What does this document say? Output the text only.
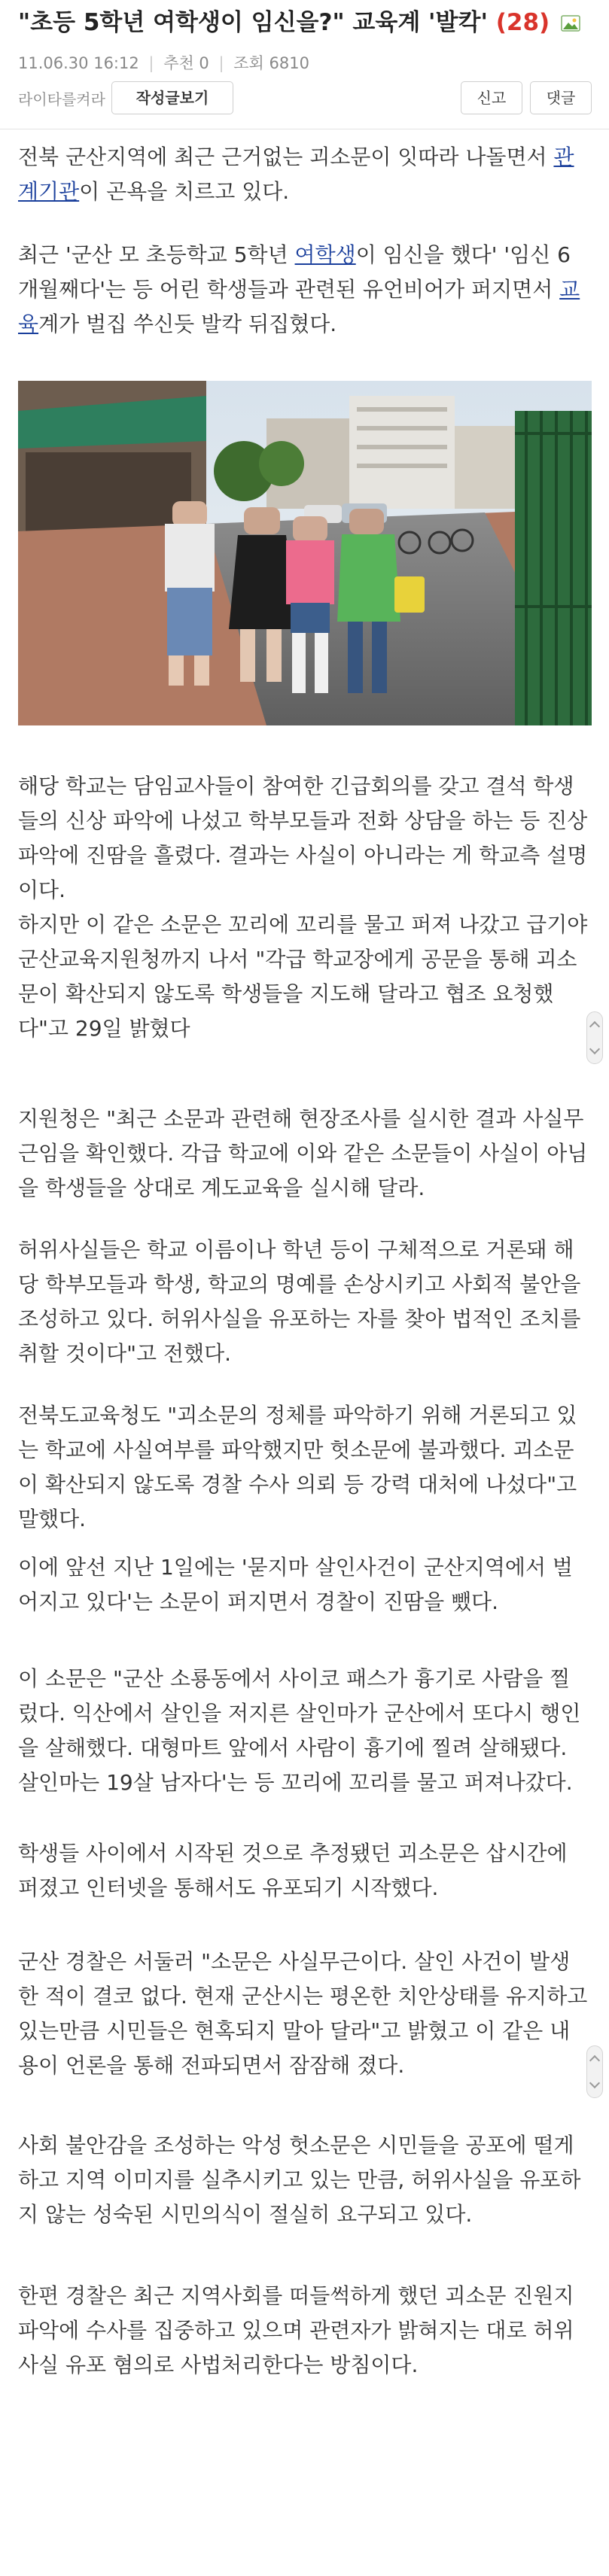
"초등 5학년 여학생이 임신을?" 교육계 '발칵' (28)
11.06.30 16:12 | 추천 0 | 조회 6810
라이타를켜라	작성글보기	신고	댓글
전북 군산지역에 최근 근거없는 괴소문이 잇따라 나돌면서 관계기관이 곤욕을 치르고 있다.
최근 '군산 모 초등학교 5학년 여학생이 임신을 했다' '임신 6개월째다'는 등 어린 학생들과 관련된 유언비어가 퍼지면서 교육계가 벌집 쑤신듯 발칵 뒤집혔다.
해당 학교는 담임교사들이 참여한 긴급회의를 갖고 결석 학생들의 신상 파악에 나섰고 학부모들과 전화 상담을 하는 등 진상파악에 진땀을 흘렸다. 결과는 사실이 아니라는 게 학교측 설명이다.
하지만 이 같은 소문은 꼬리에 꼬리를 물고 퍼져 나갔고 급기야 군산교육지원청까지 나서 "각급 학교장에게 공문을 통해 괴소문이 확산되지 않도록 학생들을 지도해 달라고 협조 요청했다"고 29일 밝혔다
지원청은 "최근 소문과 관련해 현장조사를 실시한 결과 사실무근임을 확인했다. 각급 학교에 이와 같은 소문들이 사실이 아님을 학생들을 상대로 계도교육을 실시해 달라.
허위사실들은 학교 이름이나 학년 등이 구체적으로 거론돼 해당 학부모들과 학생, 학교의 명예를 손상시키고 사회적 불안을 조성하고 있다. 허위사실을 유포하는 자를 찾아 법적인 조치를 취할 것이다"고 전했다.
전북도교육청도 "괴소문의 정체를 파악하기 위해 거론되고 있는 학교에 사실여부를 파악했지만 헛소문에 불과했다. 괴소문이 확산되지 않도록 경찰 수사 의뢰 등 강력 대처에 나섰다"고 말했다.
이에 앞선 지난 1일에는 '묻지마 살인사건이 군산지역에서 벌어지고 있다'는 소문이 퍼지면서 경찰이 진땀을 뺐다.
이 소문은 "군산 소룡동에서 사이코 패스가 흉기로 사람을 찔렀다. 익산에서 살인을 저지른 살인마가 군산에서 또다시 행인을 살해했다. 대형마트 앞에서 사람이 흉기에 찔려 살해됐다. 살인마는 19살 남자다'는 등 꼬리에 꼬리를 물고 퍼져나갔다.
학생들 사이에서 시작된 것으로 추정됐던 괴소문은 삽시간에 퍼졌고 인터넷을 통해서도 유포되기 시작했다.
군산 경찰은 서둘러 "소문은 사실무근이다. 살인 사건이 발생한 적이 결코 없다. 현재 군산시는 평온한 치안상태를 유지하고 있는만큼 시민들은 현혹되지 말아 달라"고 밝혔고 이 같은 내용이 언론을 통해 전파되면서 잠잠해 졌다.
사회 불안감을 조성하는 악성 헛소문은 시민들을 공포에 떨게 하고 지역 이미지를 실추시키고 있는 만큼, 허위사실을 유포하지 않는 성숙된 시민의식이 절실히 요구되고 있다.
한편 경찰은 최근 지역사회를 떠들썩하게 했던 괴소문 진원지 파악에 수사를 집중하고 있으며 관련자가 밝혀지는 대로 허위사실 유포 혐의로 사법처리한다는 방침이다.
